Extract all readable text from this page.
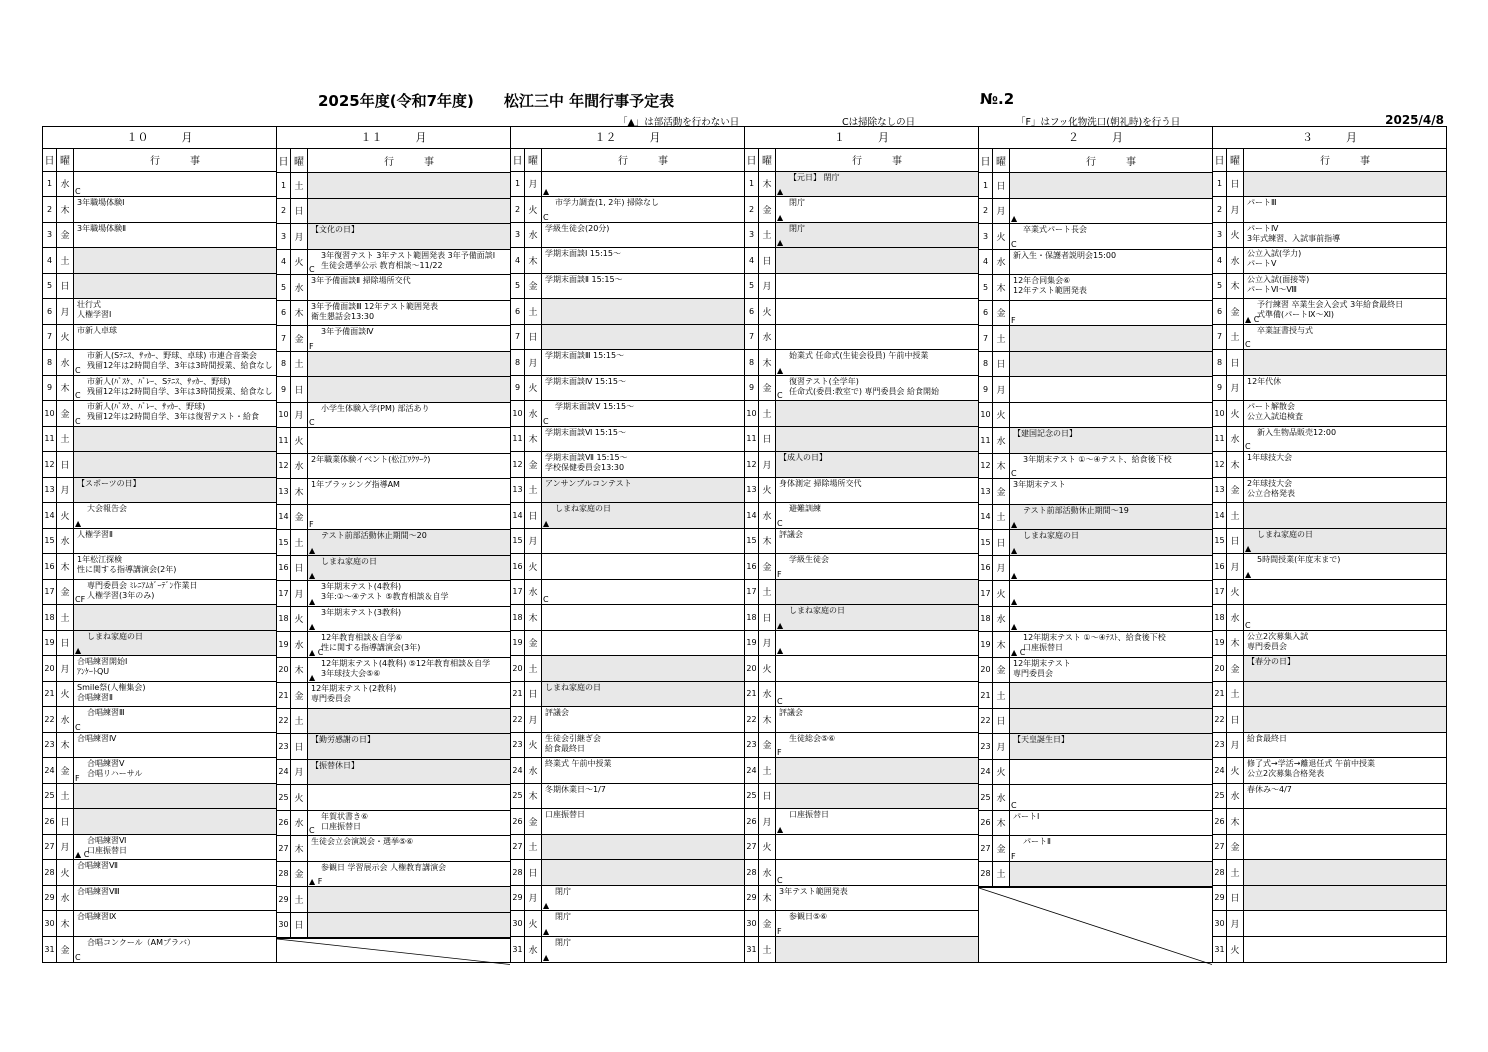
2025年度(令和7年度)　　松江三中 年間行事予定表	№.2
「▲」は部活動を行わない日	Cは掃除なしの日	「F」はフッ化物洗口(朝礼時)を行う日	2025/4/8
１０　　　月
日 曜	行　　　事
1 水
C
2 木
3年職場体験Ⅰ
3 金
3年職場体験Ⅱ
4 土
5 日
6 月
壮行式
人権学習Ⅰ
7 火
市新人卓球
8 水
市新人(Sﾃﾆｽ、ｻｯｶｰ、野球、卓球) 市連合音楽会
残留12年は2時間自学、3年は3時間授業、給食なし
C
9 木
市新人(ﾊﾞｽｹ、ﾊﾞﾚｰ、Sﾃﾆｽ、ｻｯｶｰ、野球)
残留12年は2時間自学、3年は3時間授業、給食なし
C
10 金
市新人(ﾊﾞｽｹ、ﾊﾞﾚｰ、ｻｯｶｰ、野球)
残留12年は2時間自学、3年は復習テスト・給食
C
11 土
12 日
13 月
【スポーツの日】
14 火
大会報告会
▲
15 水
人権学習Ⅱ
16 木
1年松江探検
性に関する指導講演会(2年)
17 金
専門委員会 ﾐﾚﾆｱﾑｶﾞｰﾃﾞﾝ作業日
人権学習(3年のみ)
CF
18 土
19 日
しまね家庭の日
▲
20 月
合唱練習開始Ⅰ
ｱﾝｹｰﾄQU
21 火
Smile祭(人権集会)
合唱練習Ⅱ
22 水
合唱練習Ⅲ
C
23 木
合唱練習Ⅳ
24 金
合唱練習Ⅴ
合唱リハーサル
F
25 土
26 日
27 月
合唱練習Ⅵ
口座振替日
▲ C
28 火
合唱練習Ⅶ
29 水
合唱練習Ⅷ
30 木
合唱練習Ⅸ
31 金
合唱コンクール（AMプラバ）
C
１１　　　月
日 曜	行　　　事
1 土
2 日
3 月
【文化の日】
4 火
3年復習テスト 3年テスト範囲発表 3年予備面談Ⅰ
生徒会選挙公示 教育相談～11/22
C
5 水
3年予備面談Ⅱ 掃除場所交代
6 木
3年予備面談Ⅲ 12年テスト範囲発表
衛生懇話会13:30
7 金
3年予備面談Ⅳ
F
8 土
9 日
10 月
小学生体験入学(PM) 部活あり
C
11 火
12 水
2年職業体験イベント(松江ﾜｸﾜｰｸ)
13 木
1年ブラッシング指導AM
14 金
F
15 土
テスト前部活動休止期間～20
▲
16 日
しまね家庭の日
▲
17 月
3年期末テスト(4教科)
3年:①～④テスト ⑤教育相談＆自学
▲
18 火
3年期末テスト(3教科)
▲
19 水
12年教育相談＆自学⑥
性に関する指導講演会(3年)
▲ C
20 木
12年期末テスト(4教科) ⑤12年教育相談＆自学
3年球技大会⑤⑥
▲
21 金
12年期末テスト(2教科)
専門委員会
22 土
23 日
【勤労感謝の日】
24 月
【振替休日】
25 火
26 水
年賀状書き⑥
口座振替日
C
27 木
生徒会立会演説会・選挙⑤⑥
28 金
参観日 学習展示会 人権教育講演会
▲ F
29 土
30 日
１２　　　月
日 曜	行　　　事
1 月
▲
2 火
市学力調査(1, 2年) 掃除なし
C
3 水
学級生徒会(20分)
4 木
学期末面談Ⅰ 15:15～
5 金
学期末面談Ⅱ 15:15～
6 土
7 日
8 月
学期末面談Ⅲ 15:15～
9 火
学期末面談Ⅳ 15:15～
10 水
学期末面談Ⅴ 15:15～
C
11 木
学期末面談Ⅵ 15:15～
12 金
学期末面談Ⅶ 15:15～
学校保健委員会13:30
13 土
アンサンブルコンテスト
14 日
しまね家庭の日
▲
15 月
16 火
17 水
C
18 木
19 金
20 土
21 日
しまね家庭の日
22 月
評議会
23 火
生徒会引継ぎ会
給食最終日
24 水
終業式 午前中授業
25 木
冬期休業日～1/7
26 金
口座振替日
27 土
28 日
29 月
閉庁
▲
30 火
閉庁
▲
31 水
閉庁
▲
１　　　月
日 曜	行　　　事
1 木
【元日】 閉庁
▲
2 金
閉庁
▲
3 土
閉庁
▲
4 日
5 月
6 火
7 水
8 木
始業式 任命式(生徒会役員) 午前中授業
▲
9 金
復習テスト(全学年)
任命式(委員:教室で) 専門委員会 給食開始
C
10 土
11 日
12 月
【成人の日】
13 火
身体測定 掃除場所交代
14 水
避難訓練
C
15 木
評議会
16 金
学級生徒会
F
17 土
18 日
しまね家庭の日
▲
19 月
▲
20 火
21 水
C
22 木
評議会
23 金
生徒総会⑤⑥
F
24 土
25 日
26 月
口座振替日
▲
27 火
28 水
C
29 木
3年テスト範囲発表
30 金
参観日⑤⑥
F
31 土
２　　　月
日 曜	行　　　事
1 日
2 月
▲
3 火
卒業式パート長会
C
4 水
新入生・保護者説明会15:00
5 木
12年合同集会⑥
12年テスト範囲発表
6 金
F
7 土
8 日
9 月
10 火
11 水
【建国記念の日】
12 木
3年期末テスト ①～④テスト、給食後下校
C
13 金
3年期末テスト
14 土
テスト前部活動休止期間～19
▲
15 日
しまね家庭の日
▲
16 月
▲
17 火
▲
18 水
▲
19 木
12年期末テスト ①～④ﾃｽﾄ、給食後下校
口座振替日
▲ C
20 金
12年期末テスト
専門委員会
21 土
22 日
23 月
【天皇誕生日】
24 火
25 水
C
26 木
パートⅠ
27 金
パートⅡ
F
28 土
３　　　月
日 曜	行　　　事
1 日
2 月
パートⅢ
3 火
パートⅣ
3年式練習、入試事前指導
4 水
公立入試(学力)
パートⅤ
5 木
公立入試(面接等)
パートⅥ～Ⅷ
6 金
予行練習 卒業生会入会式 3年給食最終日
式準備(パートⅨ～Ⅺ)
▲ C
7 土
卒業証書授与式
C
8 日
9 月
12年代休
10 火
パート解散会
公立入試追検査
11 水
新入生物品販売12:00
C
12 木
1年球技大会
13 金
2年球技大会
公立合格発表
14 土
15 日
しまね家庭の日
▲
16 月
5時間授業(年度末まで)
▲
17 火
18 水
C
19 木
公立2次募集入試
専門委員会
20 金
【春分の日】
21 土
22 日
23 月
給食最終日
24 火
修了式→学活→離退任式 午前中授業
公立2次募集合格発表
25 水
春休み～4/7
26 木
27 金
28 土
29 日
30 月
31 火
